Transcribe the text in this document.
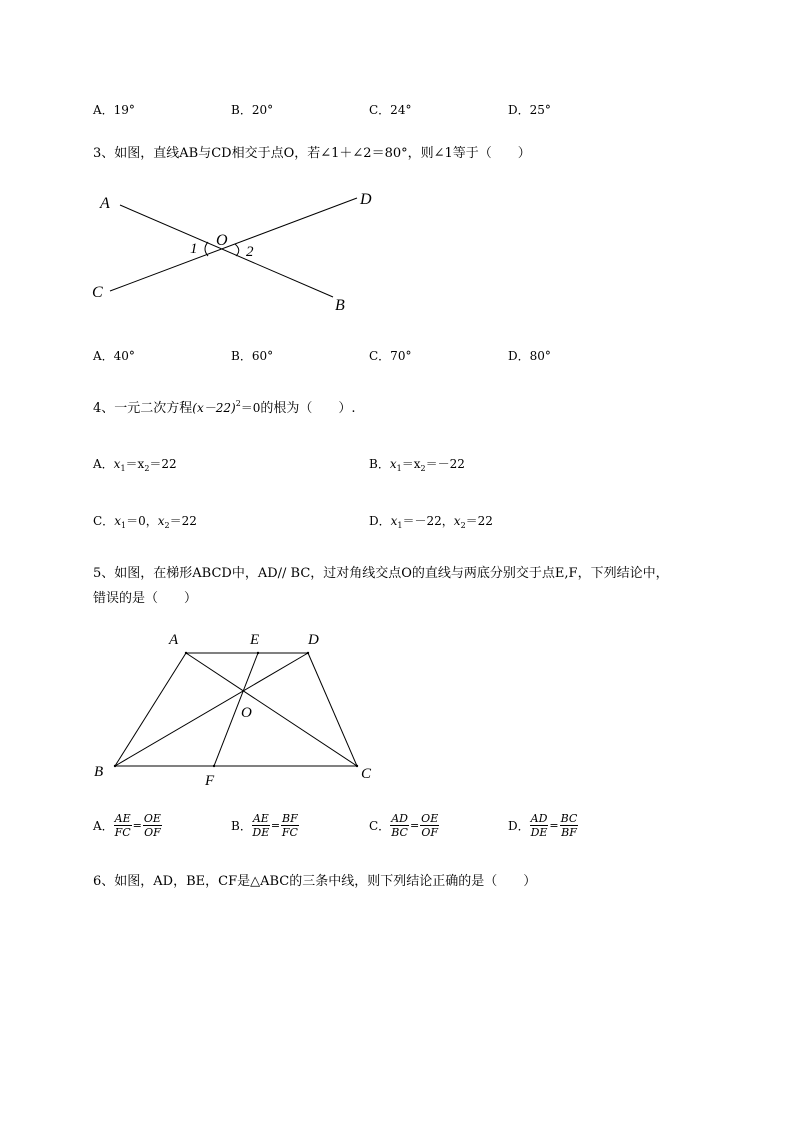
A．19°	B．20°	C．24°	D．25°
3、如图，直线AB与CD相交于点O，若∠1＋∠2＝80°，则∠1等于（　　）
A
B
C
D
O
1	2
A．40°	B．60°	C．70°	D．80°
4、一元二次方程$(x-22)^2=0$的根为（　　）.
A．$x_1=x_2=22$	B．$x_1=x_2=-22$
C．$x_1=0$，$x_2=22$	D．$x_1=-22$，$x_2=22$
5、如图，在梯形ABCD中，AD// BC，过对角线交点O的直线与两底分别交于点E,F，下列结论中，
错误的是（　　）
A	E	D
O
B
F	C
A． $\frac{AE}{FC} = \frac{OE}{OF}$	B． $\frac{AE}{DE} = \frac{BF}{FC}$	C． $\frac{AD}{BC} = \frac{OE}{OF}$	D． $\frac{AD}{DE} = \frac{BC}{BF}$
6、如图，AD，BE，CF是△ABC的三条中线，则下列结论正确的是（　　）
